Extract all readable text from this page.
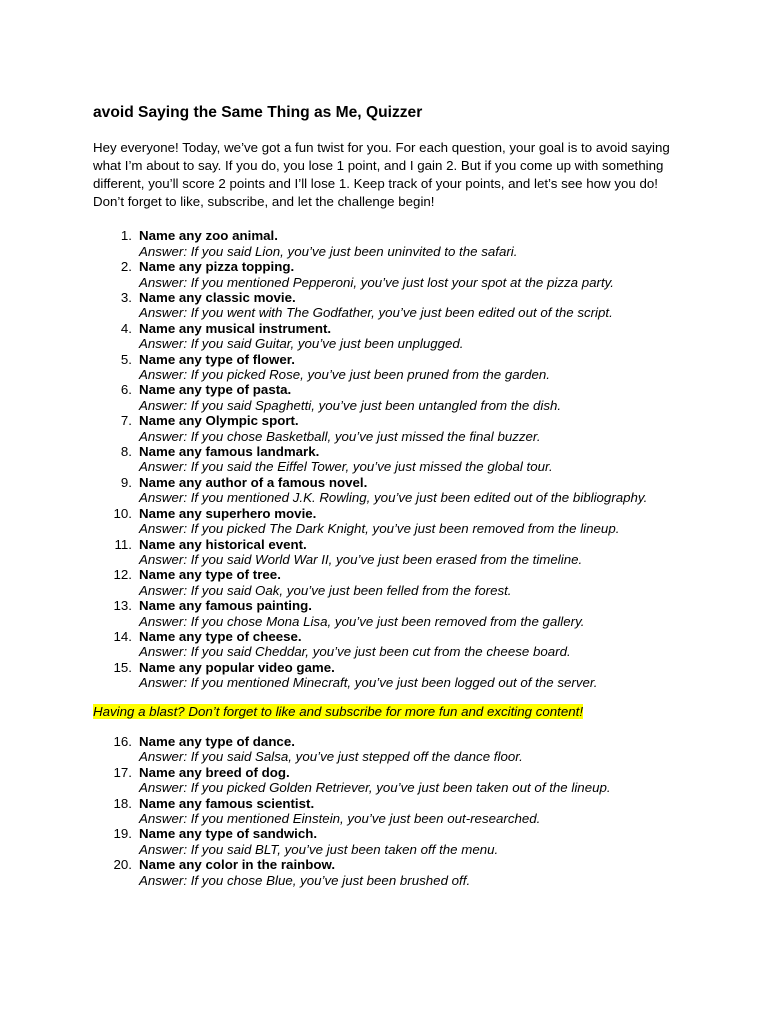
avoid Saying the Same Thing as Me, Quizzer
Hey everyone! Today, we’ve got a fun twist for you. For each question, your goal is to avoid saying what I’m about to say. If you do, you lose 1 point, and I gain 2. But if you come up with something different, you’ll score 2 points and I’ll lose 1. Keep track of your points, and let’s see how you do! Don’t forget to like, subscribe, and let the challenge begin!
1. Name any zoo animal.
Answer: If you said Lion, you’ve just been uninvited to the safari.
2. Name any pizza topping.
Answer: If you mentioned Pepperoni, you’ve just lost your spot at the pizza party.
3. Name any classic movie.
Answer: If you went with The Godfather, you’ve just been edited out of the script.
4. Name any musical instrument.
Answer: If you said Guitar, you’ve just been unplugged.
5. Name any type of flower.
Answer: If you picked Rose, you’ve just been pruned from the garden.
6. Name any type of pasta.
Answer: If you said Spaghetti, you’ve just been untangled from the dish.
7. Name any Olympic sport.
Answer: If you chose Basketball, you’ve just missed the final buzzer.
8. Name any famous landmark.
Answer: If you said the Eiffel Tower, you’ve just missed the global tour.
9. Name any author of a famous novel.
Answer: If you mentioned J.K. Rowling, you’ve just been edited out of the bibliography.
10. Name any superhero movie.
Answer: If you picked The Dark Knight, you’ve just been removed from the lineup.
11. Name any historical event.
Answer: If you said World War II, you’ve just been erased from the timeline.
12. Name any type of tree.
Answer: If you said Oak, you’ve just been felled from the forest.
13. Name any famous painting.
Answer: If you chose Mona Lisa, you’ve just been removed from the gallery.
14. Name any type of cheese.
Answer: If you said Cheddar, you’ve just been cut from the cheese board.
15. Name any popular video game.
Answer: If you mentioned Minecraft, you’ve just been logged out of the server.
Having a blast? Don’t forget to like and subscribe for more fun and exciting content!
16. Name any type of dance.
Answer: If you said Salsa, you’ve just stepped off the dance floor.
17. Name any breed of dog.
Answer: If you picked Golden Retriever, you’ve just been taken out of the lineup.
18. Name any famous scientist.
Answer: If you mentioned Einstein, you’ve just been out-researched.
19. Name any type of sandwich.
Answer: If you said BLT, you’ve just been taken off the menu.
20. Name any color in the rainbow.
Answer: If you chose Blue, you’ve just been brushed off.
